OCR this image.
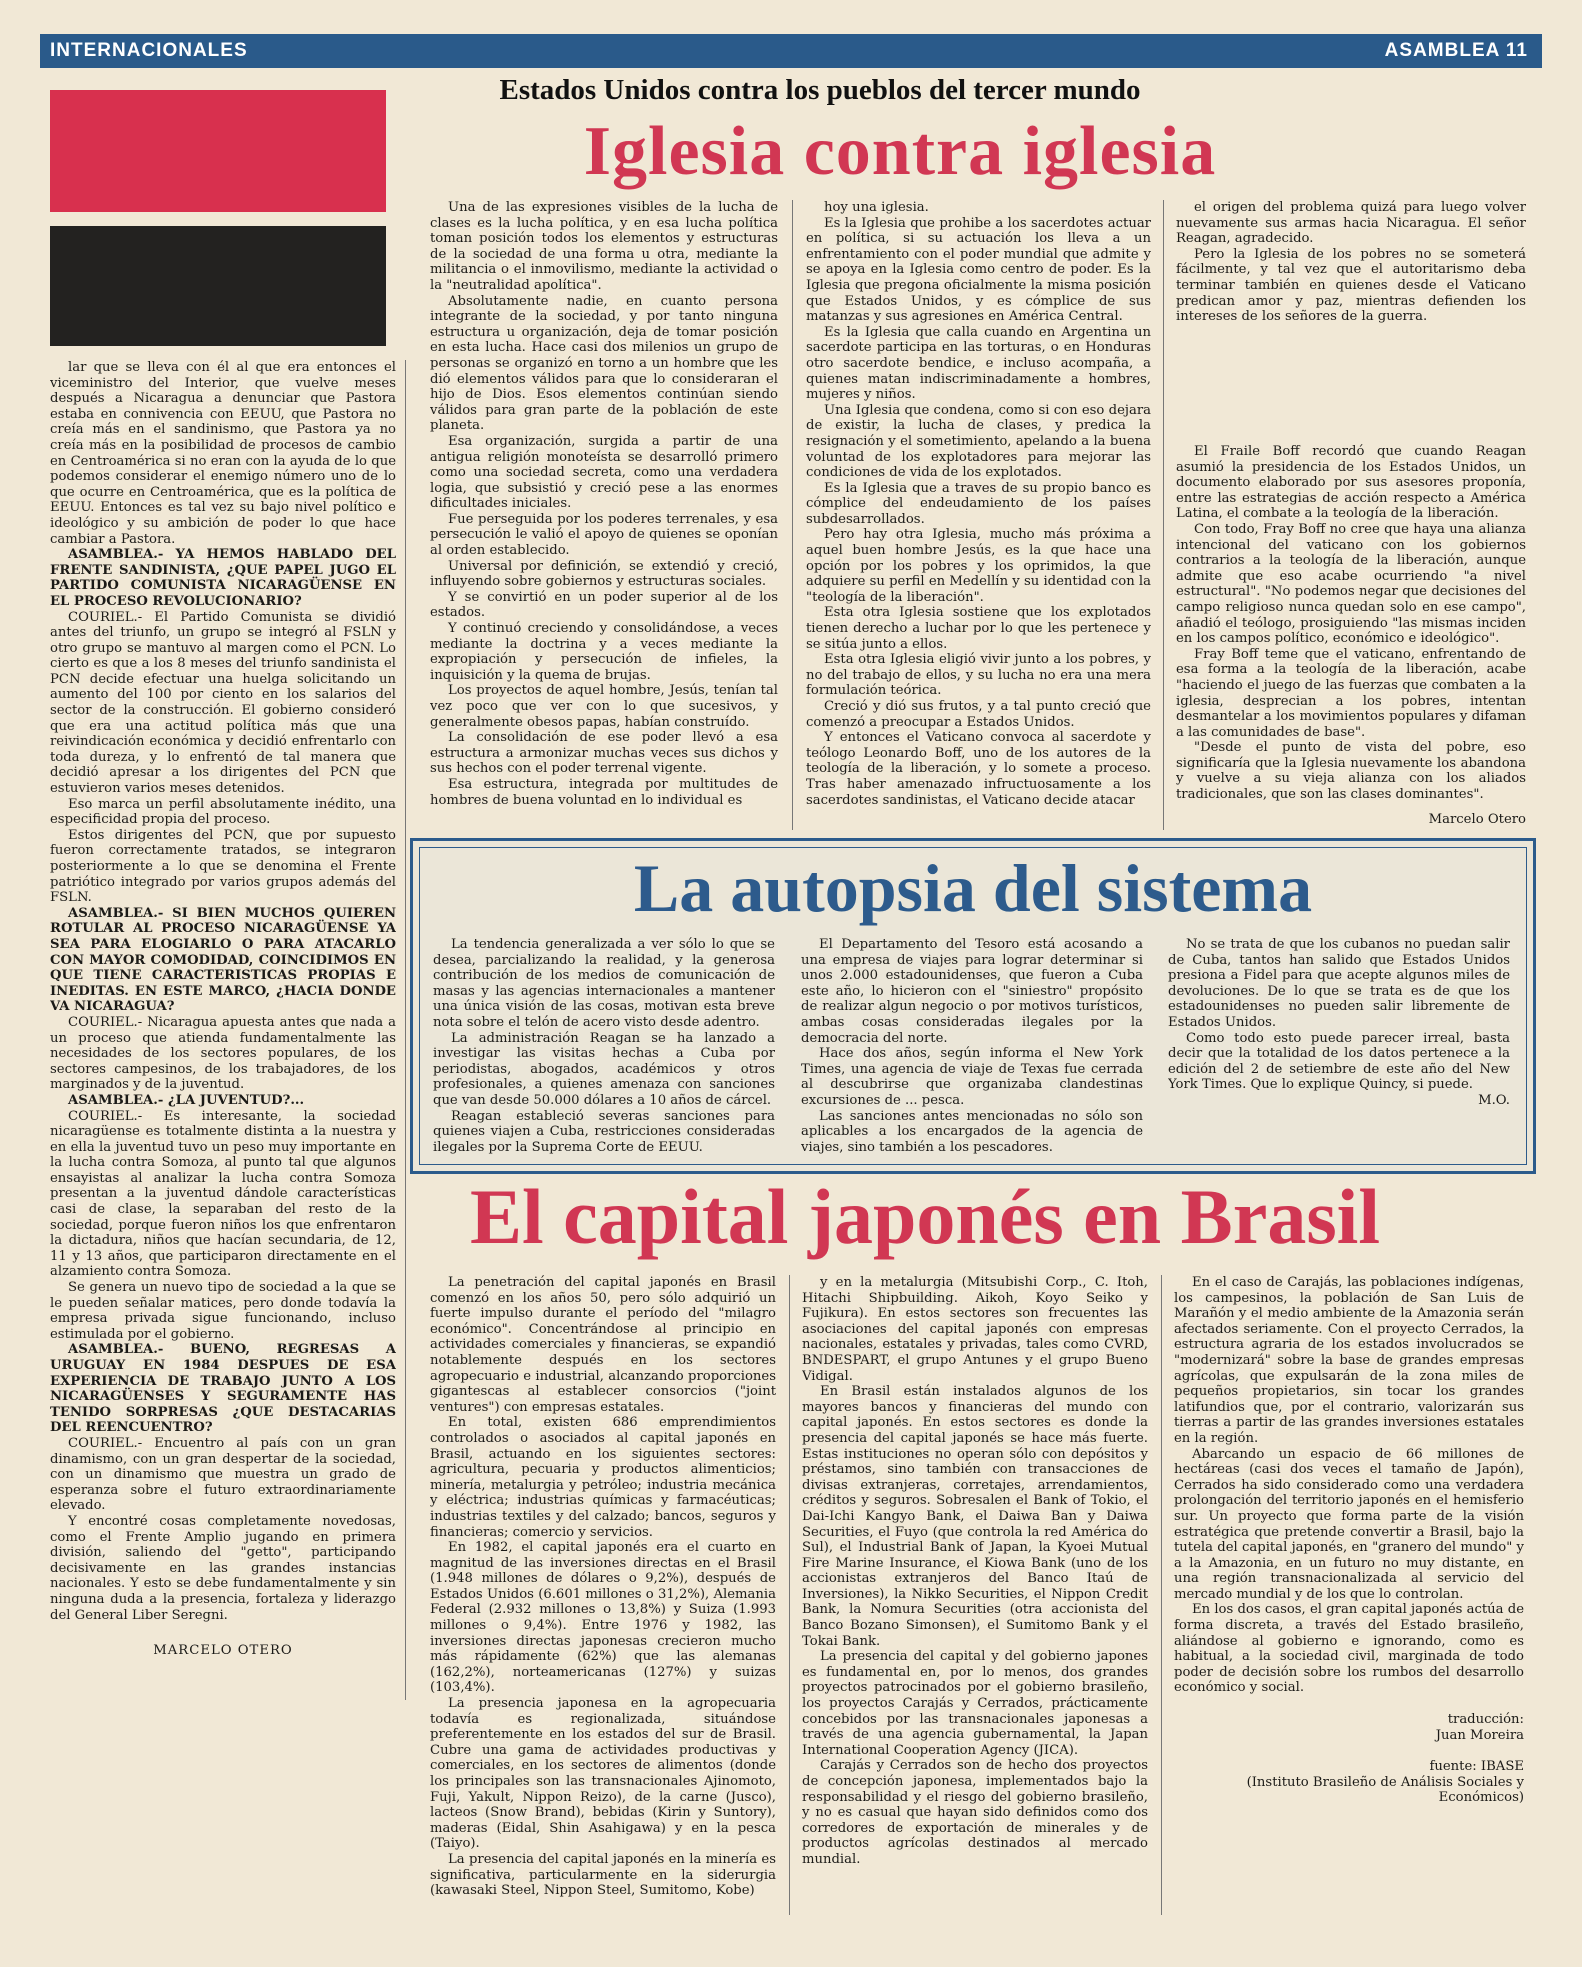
INTERNACIONALES	ASAMBLEA 11
Estados Unidos contra los pueblos del tercer mundo
Iglesia contra iglesia

lar que se lleva con él al que era entonces el viceministro del Interior, que vuelve meses después a Nicaragua a denunciar que Pastora estaba en connivencia con EEUU, que Pastora no creía más en el sandinismo, que Pastora ya no creía más en la posibilidad de procesos de cambio en Centroamérica si no eran con la ayuda de lo que podemos considerar el enemigo número uno de lo que ocurre en Centroamérica, que es la política de EEUU. Entonces es tal vez su bajo nivel político e ideológico y su ambición de poder lo que hace cambiar a Pastora.

ASAMBLEA.- YA HEMOS HABLADO DEL FRENTE SANDINISTA, ¿QUE PAPEL JUGO EL PARTIDO COMUNISTA NICARAGÜENSE EN EL PROCESO REVOLUCIONARIO?

COURIEL.- El Partido Comunista se dividió antes del triunfo, un grupo se integró al FSLN y otro grupo se mantuvo al margen como el PCN. Lo cierto es que a los 8 meses del triunfo sandinista el PCN decide efectuar una huelga solicitando un aumento del 100 por ciento en los salarios del sector de la construcción. El gobierno consideró que era una actitud política más que una reivindicación económica y decidió enfrentarlo con toda dureza, y lo enfrentó de tal manera que decidió apresar a los dirigentes del PCN que estuvieron varios meses detenidos.

Eso marca un perfil absolutamente inédito, una especificidad propia del proceso.

Estos dirigentes del PCN, que por supuesto fueron correctamente tratados, se integraron posteriormente a lo que se denomina el Frente patriótico integrado por varios grupos además del FSLN.

ASAMBLEA.- SI BIEN MUCHOS QUIEREN ROTULAR AL PROCESO NICARAGÜENSE YA SEA PARA ELOGIARLO O PARA ATACARLO CON MAYOR COMODIDAD, COINCIDIMOS EN QUE TIENE CARACTERISTICAS PROPIAS E INEDITAS. EN ESTE MARCO, ¿HACIA DONDE VA NICARAGUA?

COURIEL.- Nicaragua apuesta antes que nada a un proceso que atienda fundamentalmente las necesidades de los sectores populares, de los sectores campesinos, de los trabajadores, de los marginados y de la juventud.

ASAMBLEA.- ¿LA JUVENTUD?...

COURIEL.- Es interesante, la sociedad nicaragüense es totalmente distinta a la nuestra y en ella la juventud tuvo un peso muy importante en la lucha contra Somoza, al punto tal que algunos ensayistas al analizar la lucha contra Somoza presentan a la juventud dándole características casi de clase, la separaban del resto de la sociedad, porque fueron niños los que enfrentaron la dictadura, niños que hacían secundaria, de 12, 11 y 13 años, que participaron directamente en el alzamiento contra Somoza.

Se genera un nuevo tipo de sociedad a la que se le pueden señalar matices, pero donde todavía la empresa privada sigue funcionando, incluso estimulada por el gobierno.

ASAMBLEA.- BUENO, REGRESAS A URUGUAY EN 1984 DESPUES DE ESA EXPERIENCIA DE TRABAJO JUNTO A LOS NICARAGÜENSES Y SEGURAMENTE HAS TENIDO SORPRESAS ¿QUE DESTACARIAS DEL REENCUENTRO?

COURIEL.- Encuentro al país con un gran dinamismo, con un gran despertar de la sociedad, con un dinamismo que muestra un grado de esperanza sobre el futuro extraordinariamente elevado.

Y encontré cosas completamente novedosas, como el Frente Amplio jugando en primera división, saliendo del "getto", participando decisivamente en las grandes instancias nacionales. Y esto se debe fundamentalmente y sin ninguna duda a la presencia, fortaleza y liderazgo del General Liber Seregni.

MARCELO OTERO

Una de las expresiones visibles de la lucha de clases es la lucha política, y en esa lucha política toman posición todos los elementos y estructuras de la sociedad de una forma u otra, mediante la militancia o el inmovilismo, mediante la actividad o la "neutralidad apolítica".

Absolutamente nadie, en cuanto persona integrante de la sociedad, y por tanto ninguna estructura u organización, deja de tomar posición en esta lucha. Hace casi dos milenios un grupo de personas se organizó en torno a un hombre que les dió elementos válidos para que lo consideraran el hijo de Dios. Esos elementos continúan siendo válidos para gran parte de la población de este planeta.

Esa organización, surgida a partir de una antigua religión monoteísta se desarrolló primero como una sociedad secreta, como una verdadera logia, que subsistió y creció pese a las enormes dificultades iniciales.

Fue perseguida por los poderes terrenales, y esa persecución le valió el apoyo de quienes se oponían al orden establecido.

Universal por definición, se extendió y creció, influyendo sobre gobiernos y estructuras sociales.

Y se convirtió en un poder superior al de los estados.

Y continuó creciendo y consolidándose, a veces mediante la doctrina y a veces mediante la expropiación y persecución de infieles, la inquisición y la quema de brujas.

Los proyectos de aquel hombre, Jesús, tenían tal vez poco que ver con lo que sucesivos, y generalmente obesos papas, habían construído.

La consolidación de ese poder llevó a esa estructura a armonizar muchas veces sus dichos y sus hechos con el poder terrenal vigente.

Esa estructura, integrada por multitudes de hombres de buena voluntad en lo individual es

hoy una iglesia.

Es la Iglesia que prohibe a los sacerdotes actuar en política, si su actuación los lleva a un enfrentamiento con el poder mundial que admite y se apoya en la Iglesia como centro de poder. Es la Iglesia que pregona oficialmente la misma posición que Estados Unidos, y es cómplice de sus matanzas y sus agresiones en América Central.

Es la Iglesia que calla cuando en Argentina un sacerdote participa en las torturas, o en Honduras otro sacerdote bendice, e incluso acompaña, a quienes matan indiscriminadamente a hombres, mujeres y niños.

Una Iglesia que condena, como si con eso dejara de existir, la lucha de clases, y predica la resignación y el sometimiento, apelando a la buena voluntad de los explotadores para mejorar las condiciones de vida de los explotados.

Es la Iglesia que a traves de su propio banco es cómplice del endeudamiento de los países subdesarrollados.

Pero hay otra Iglesia, mucho más próxima a aquel buen hombre Jesús, es la que hace una opción por los pobres y los oprimidos, la que adquiere su perfil en Medellín y su identidad con la "teología de la liberación".

Esta otra Iglesia sostiene que los explotados tienen derecho a luchar por lo que les pertenece y se sitúa junto a ellos.

Esta otra Iglesia eligió vivir junto a los pobres, y no del trabajo de ellos, y su lucha no era una mera formulación teórica.

Creció y dió sus frutos, y a tal punto creció que comenzó a preocupar a Estados Unidos.

Y entonces el Vaticano convoca al sacerdote y teólogo Leonardo Boff, uno de los autores de la teología de la liberación, y lo somete a proceso. Tras haber amenazado infructuosamente a los sacerdotes sandinistas, el Vaticano decide atacar

el origen del problema quizá para luego volver nuevamente sus armas hacia Nicaragua. El señor Reagan, agradecido.

Pero la Iglesia de los pobres no se someterá fácilmente, y tal vez que el autoritarismo deba terminar también en quienes desde el Vaticano predican amor y paz, mientras defienden los intereses de los señores de la guerra.

El Fraile Boff recordó que cuando Reagan asumió la presidencia de los Estados Unidos, un documento elaborado por sus asesores proponía, entre las estrategias de acción respecto a América Latina, el combate a la teología de la liberación.

Con todo, Fray Boff no cree que haya una alianza intencional del vaticano con los gobiernos contrarios a la teología de la liberación, aunque admite que eso acabe ocurriendo "a nivel estructural". "No podemos negar que decisiones del campo religioso nunca quedan solo en ese campo", añadió el teólogo, prosiguiendo "las mismas inciden en los campos político, económico e ideológico".

Fray Boff teme que el vaticano, enfrentando de esa forma a la teología de la liberación, acabe "haciendo el juego de las fuerzas que combaten a la iglesia, desprecian a los pobres, intentan desmantelar a los movimientos populares y difaman a las comunidades de base".

"Desde el punto de vista del pobre, eso significaría que la Iglesia nuevamente los abandona y vuelve a su vieja alianza con los aliados tradicionales, que son las clases dominantes".

Marcelo Otero

La autopsia del sistema

La tendencia generalizada a ver sólo lo que se desea, parcializando la realidad, y la generosa contribución de los medios de comunicación de masas y las agencias internacionales a mantener una única visión de las cosas, motivan esta breve nota sobre el telón de acero visto desde adentro.

La administración Reagan se ha lanzado a investigar las visitas hechas a Cuba por periodistas, abogados, académicos y otros profesionales, a quienes amenaza con sanciones que van desde 50.000 dólares a 10 años de cárcel.

Reagan estableció severas sanciones para quienes viajen a Cuba, restricciones consideradas ilegales por la Suprema Corte de EEUU.

El Departamento del Tesoro está acosando a una empresa de viajes para lograr determinar si unos 2.000 estadounidenses, que fueron a Cuba este año, lo hicieron con el "siniestro" propósito de realizar algun negocio o por motivos turísticos, ambas cosas consideradas ilegales por la democracia del norte.

Hace dos años, según informa el New York Times, una agencia de viaje de Texas fue cerrada al descubrirse que organizaba clandestinas excursiones de ... pesca.

Las sanciones antes mencionadas no sólo son aplicables a los encargados de la agencia de viajes, sino también a los pescadores.

No se trata de que los cubanos no puedan salir de Cuba, tantos han salido que Estados Unidos presiona a Fidel para que acepte algunos miles de devoluciones. De lo que se trata es de que los estadounidenses no pueden salir libremente de Estados Unidos.

Como todo esto puede parecer irreal, basta decir que la totalidad de los datos pertenece a la edición del 2 de setiembre de este año del New York Times. Que lo explique Quincy, si puede.

M.O.

El capital japonés en Brasil

La penetración del capital japonés en Brasil comenzó en los años 50, pero sólo adquirió un fuerte impulso durante el período del "milagro económico". Concentrándose al principio en actividades comerciales y financieras, se expandió notablemente después en los sectores agropecuario e industrial, alcanzando proporciones gigantescas al establecer consorcios ("joint ventures") con empresas estatales.

En total, existen 686 emprendimientos controlados o asociados al capital japonés en Brasil, actuando en los siguientes sectores: agricultura, pecuaria y productos alimenticios; minería, metalurgia y petróleo; industria mecánica y eléctrica; industrias químicas y farmacéuticas; industrias textiles y del calzado; bancos, seguros y financieras; comercio y servicios.

En 1982, el capital japonés era el cuarto en magnitud de las inversiones directas en el Brasil (1.948 millones de dólares o 9,2%), después de Estados Unidos (6.601 millones o 31,2%), Alemania Federal (2.932 millones o 13,8%) y Suiza (1.993 millones o 9,4%). Entre 1976 y 1982, las inversiones directas japonesas crecieron mucho más rápidamente (62%) que las alemanas (162,2%), norteamericanas (127%) y suizas (103,4%).

La presencia japonesa en la agropecuaria todavía es regionalizada, situándose preferentemente en los estados del sur de Brasil. Cubre una gama de actividades productivas y comerciales, en los sectores de alimentos (donde los principales son las transnacionales Ajinomoto, Fuji, Yakult, Nippon Reizo), de la carne (Jusco), lacteos (Snow Brand), bebidas (Kirin y Suntory), maderas (Eidal, Shin Asahigawa) y en la pesca (Taiyo).

La presencia del capital japonés en la minería es significativa, particularmente en la siderurgia (kawasaki Steel, Nippon Steel, Sumitomo, Kobe)

y en la metalurgia (Mitsubishi Corp., C. Itoh, Hitachi Shipbuilding. Aikoh, Koyo Seiko y Fujikura). En estos sectores son frecuentes las asociaciones del capital japonés con empresas nacionales, estatales y privadas, tales como CVRD, BNDESPART, el grupo Antunes y el grupo Bueno Vidigal.

En Brasil están instalados algunos de los mayores bancos y financieras del mundo con capital japonés. En estos sectores es donde la presencia del capital japonés se hace más fuerte. Estas instituciones no operan sólo con depósitos y préstamos, sino también con transacciones de divisas extranjeras, corretajes, arrendamientos, créditos y seguros. Sobresalen el Bank of Tokio, el Dai-Ichi Kangyo Bank, el Daiwa Ban y Daiwa Securities, el Fuyo (que controla la red América do Sul), el Industrial Bank of Japan, la Kyoei Mutual Fire Marine Insurance, el Kiowa Bank (uno de los accionistas extranjeros del Banco Itaú de Inversiones), la Nikko Securities, el Nippon Credit Bank, la Nomura Securities (otra accionista del Banco Bozano Simonsen), el Sumitomo Bank y el Tokai Bank.

La presencia del capital y del gobierno japones es fundamental en, por lo menos, dos grandes proyectos patrocinados por el gobierno brasileño, los proyectos Carajás y Cerrados, prácticamente concebidos por las transnacionales japonesas a través de una agencia gubernamental, la Japan International Cooperation Agency (JICA).

Carajás y Cerrados son de hecho dos proyectos de concepción japonesa, implementados bajo la responsabilidad y el riesgo del gobierno brasileño, y no es casual que hayan sido definidos como dos corredores de exportación de minerales y de productos agrícolas destinados al mercado mundial.

En el caso de Carajás, las poblaciones indígenas, los campesinos, la población de San Luis de Marañón y el medio ambiente de la Amazonia serán afectados seriamente. Con el proyecto Cerrados, la estructura agraria de los estados involucrados se "modernizará" sobre la base de grandes empresas agrícolas, que expulsarán de la zona miles de pequeños propietarios, sin tocar los grandes latifundios que, por el contrario, valorizarán sus tierras a partir de las grandes inversiones estatales en la región.

Abarcando un espacio de 66 millones de hectáreas (casi dos veces el tamaño de Japón), Cerrados ha sido considerado como una verdadera prolongación del territorio japonés en el hemisferio sur. Un proyecto que forma parte de la visión estratégica que pretende convertir a Brasil, bajo la tutela del capital japonés, en "granero del mundo" y a la Amazonia, en un futuro no muy distante, en una región transnacionalizada al servicio del mercado mundial y de los que lo controlan.

En los dos casos, el gran capital japonés actúa de forma discreta, a través del Estado brasileño, aliándose al gobierno e ignorando, como es habitual, a la sociedad civil, marginada de todo poder de decisión sobre los rumbos del desarrollo económico y social.

traducción:

Juan Moreira

fuente: IBASE

(Instituto Brasileño de Análisis Sociales y Económicos)
